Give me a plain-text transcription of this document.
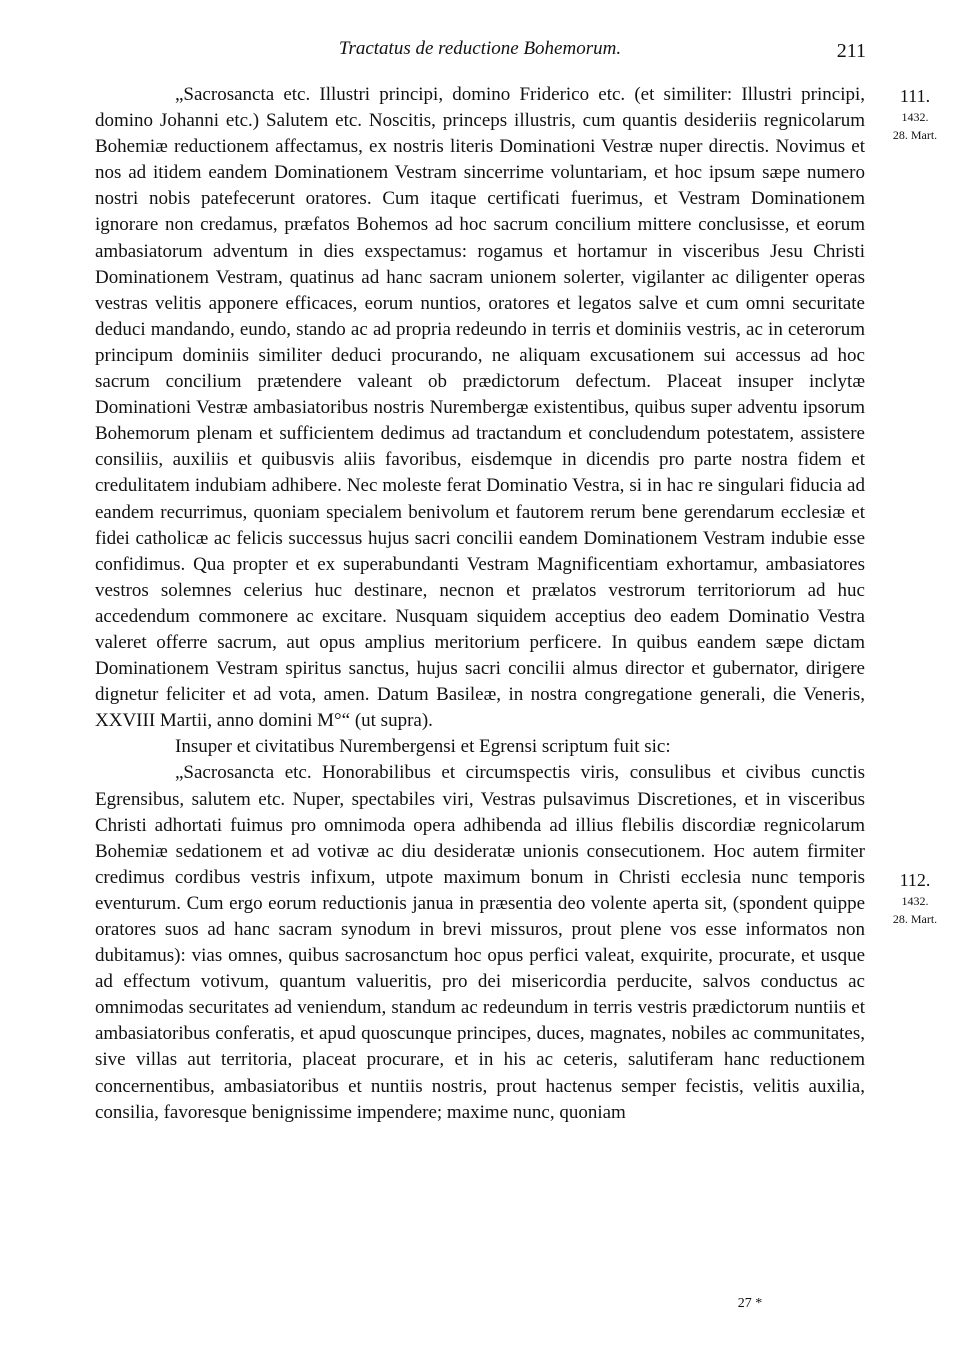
Tractatus de reductione Bohemorum.	211
111.
1432.
28. Mart.
112.
1432.
28. Mart.

„Sacrosancta etc. Illustri principi, domino Friderico etc. (et similiter: Illustri principi, domino Johanni etc.) Salutem etc. Noscitis, princeps illustris, cum quantis desideriis regnicolarum Bohemiæ reductionem affectamus, ex nostris literis Dominationi Vestræ nuper directis. Novimus et nos ad itidem eandem Dominationem Vestram sincerrime voluntariam, et hoc ipsum sæpe numero nostri nobis patefecerunt oratores. Cum itaque certificati fuerimus, et Vestram Dominationem ignorare non credamus, præfatos Bohemos ad hoc sacrum concilium mittere conclusisse, et eorum ambasiatorum adventum in dies exspectamus: rogamus et hortamur in visceribus Jesu Christi Dominationem Vestram, quatinus ad hanc sacram unionem solerter, vigilanter ac diligenter operas vestras velitis apponere efficaces, eorum nuntios, oratores et legatos salve et cum omni securitate deduci mandando, eundo, stando ac ad propria redeundo in terris et dominiis vestris, ac in ceterorum principum dominiis similiter deduci procurando, ne aliquam excusationem sui accessus ad hoc sacrum concilium prætendere valeant ob prædictorum defectum. Placeat insuper inclytæ Dominationi Vestræ ambasiatoribus nostris Nurembergæ existentibus, quibus super adventu ipsorum Bohemorum plenam et sufficientem dedimus ad tractandum et concludendum potestatem, assistere consiliis, auxiliis et quibusvis aliis favoribus, eisdemque in dicendis pro parte nostra fidem et credulitatem indubiam adhibere. Nec moleste ferat Dominatio Vestra, si in hac re singulari fiducia ad eandem recurrimus, quoniam specialem benivolum et fautorem rerum bene gerendarum ecclesiæ et fidei catholicæ ac felicis successus hujus sacri concilii eandem Dominationem Vestram indubie esse confidimus. Qua propter et ex superabundanti Vestram Magnificentiam exhortamur, ambasiatores vestros solemnes celerius huc destinare, necnon et prælatos vestrorum territoriorum ad huc accedendum commonere ac excitare. Nusquam siquidem acceptius deo eadem Dominatio Vestra valeret offerre sacrum, aut opus amplius meritorium perficere. In quibus eandem sæpe dictam Dominationem Vestram spiritus sanctus, hujus sacri concilii almus director et gubernator, dirigere dignetur feliciter et ad vota, amen. Datum Basileæ, in nostra congregatione generali, die Veneris, XXVIII Martii, anno domini M°“ (ut supra).

Insuper et civitatibus Nurembergensi et Egrensi scriptum fuit sic:

„Sacrosancta etc. Honorabilibus et circumspectis viris, consulibus et civibus cunctis Egrensibus, salutem etc. Nuper, spectabiles viri, Vestras pulsavimus Discretiones, et in visceribus Christi adhortati fuimus pro omnimoda opera adhibenda ad illius flebilis discordiæ regnicolarum Bohemiæ sedationem et ad votivæ ac diu desideratæ unionis consecutionem. Hoc autem firmiter credimus cordibus vestris infixum, utpote maximum bonum in Christi ecclesia nunc temporis eventurum. Cum ergo eorum reductionis janua in præsentia deo volente aperta sit, (spondent quippe oratores suos ad hanc sacram synodum in brevi missuros, prout plene vos esse informatos non dubitamus): vias omnes, quibus sacrosanctum hoc opus perfici valeat, exquirite, procurate, et usque ad effectum votivum, quantum valueritis, pro dei misericordia perducite, salvos conductus ac omnimodas securitates ad veniendum, standum ac redeundum in terris vestris prædictorum nuntiis et ambasiatoribus conferatis, et apud quoscunque principes, duces, magnates, nobiles ac communitates, sive villas aut territoria, placeat procurare, et in his ac ceteris, salutiferam hanc reductionem concernentibus, ambasiatoribus et nuntiis nostris, prout hactenus semper fecistis, velitis auxilia, consilia, favoresque benignissime impendere; maxime nunc, quoniam

27 *
